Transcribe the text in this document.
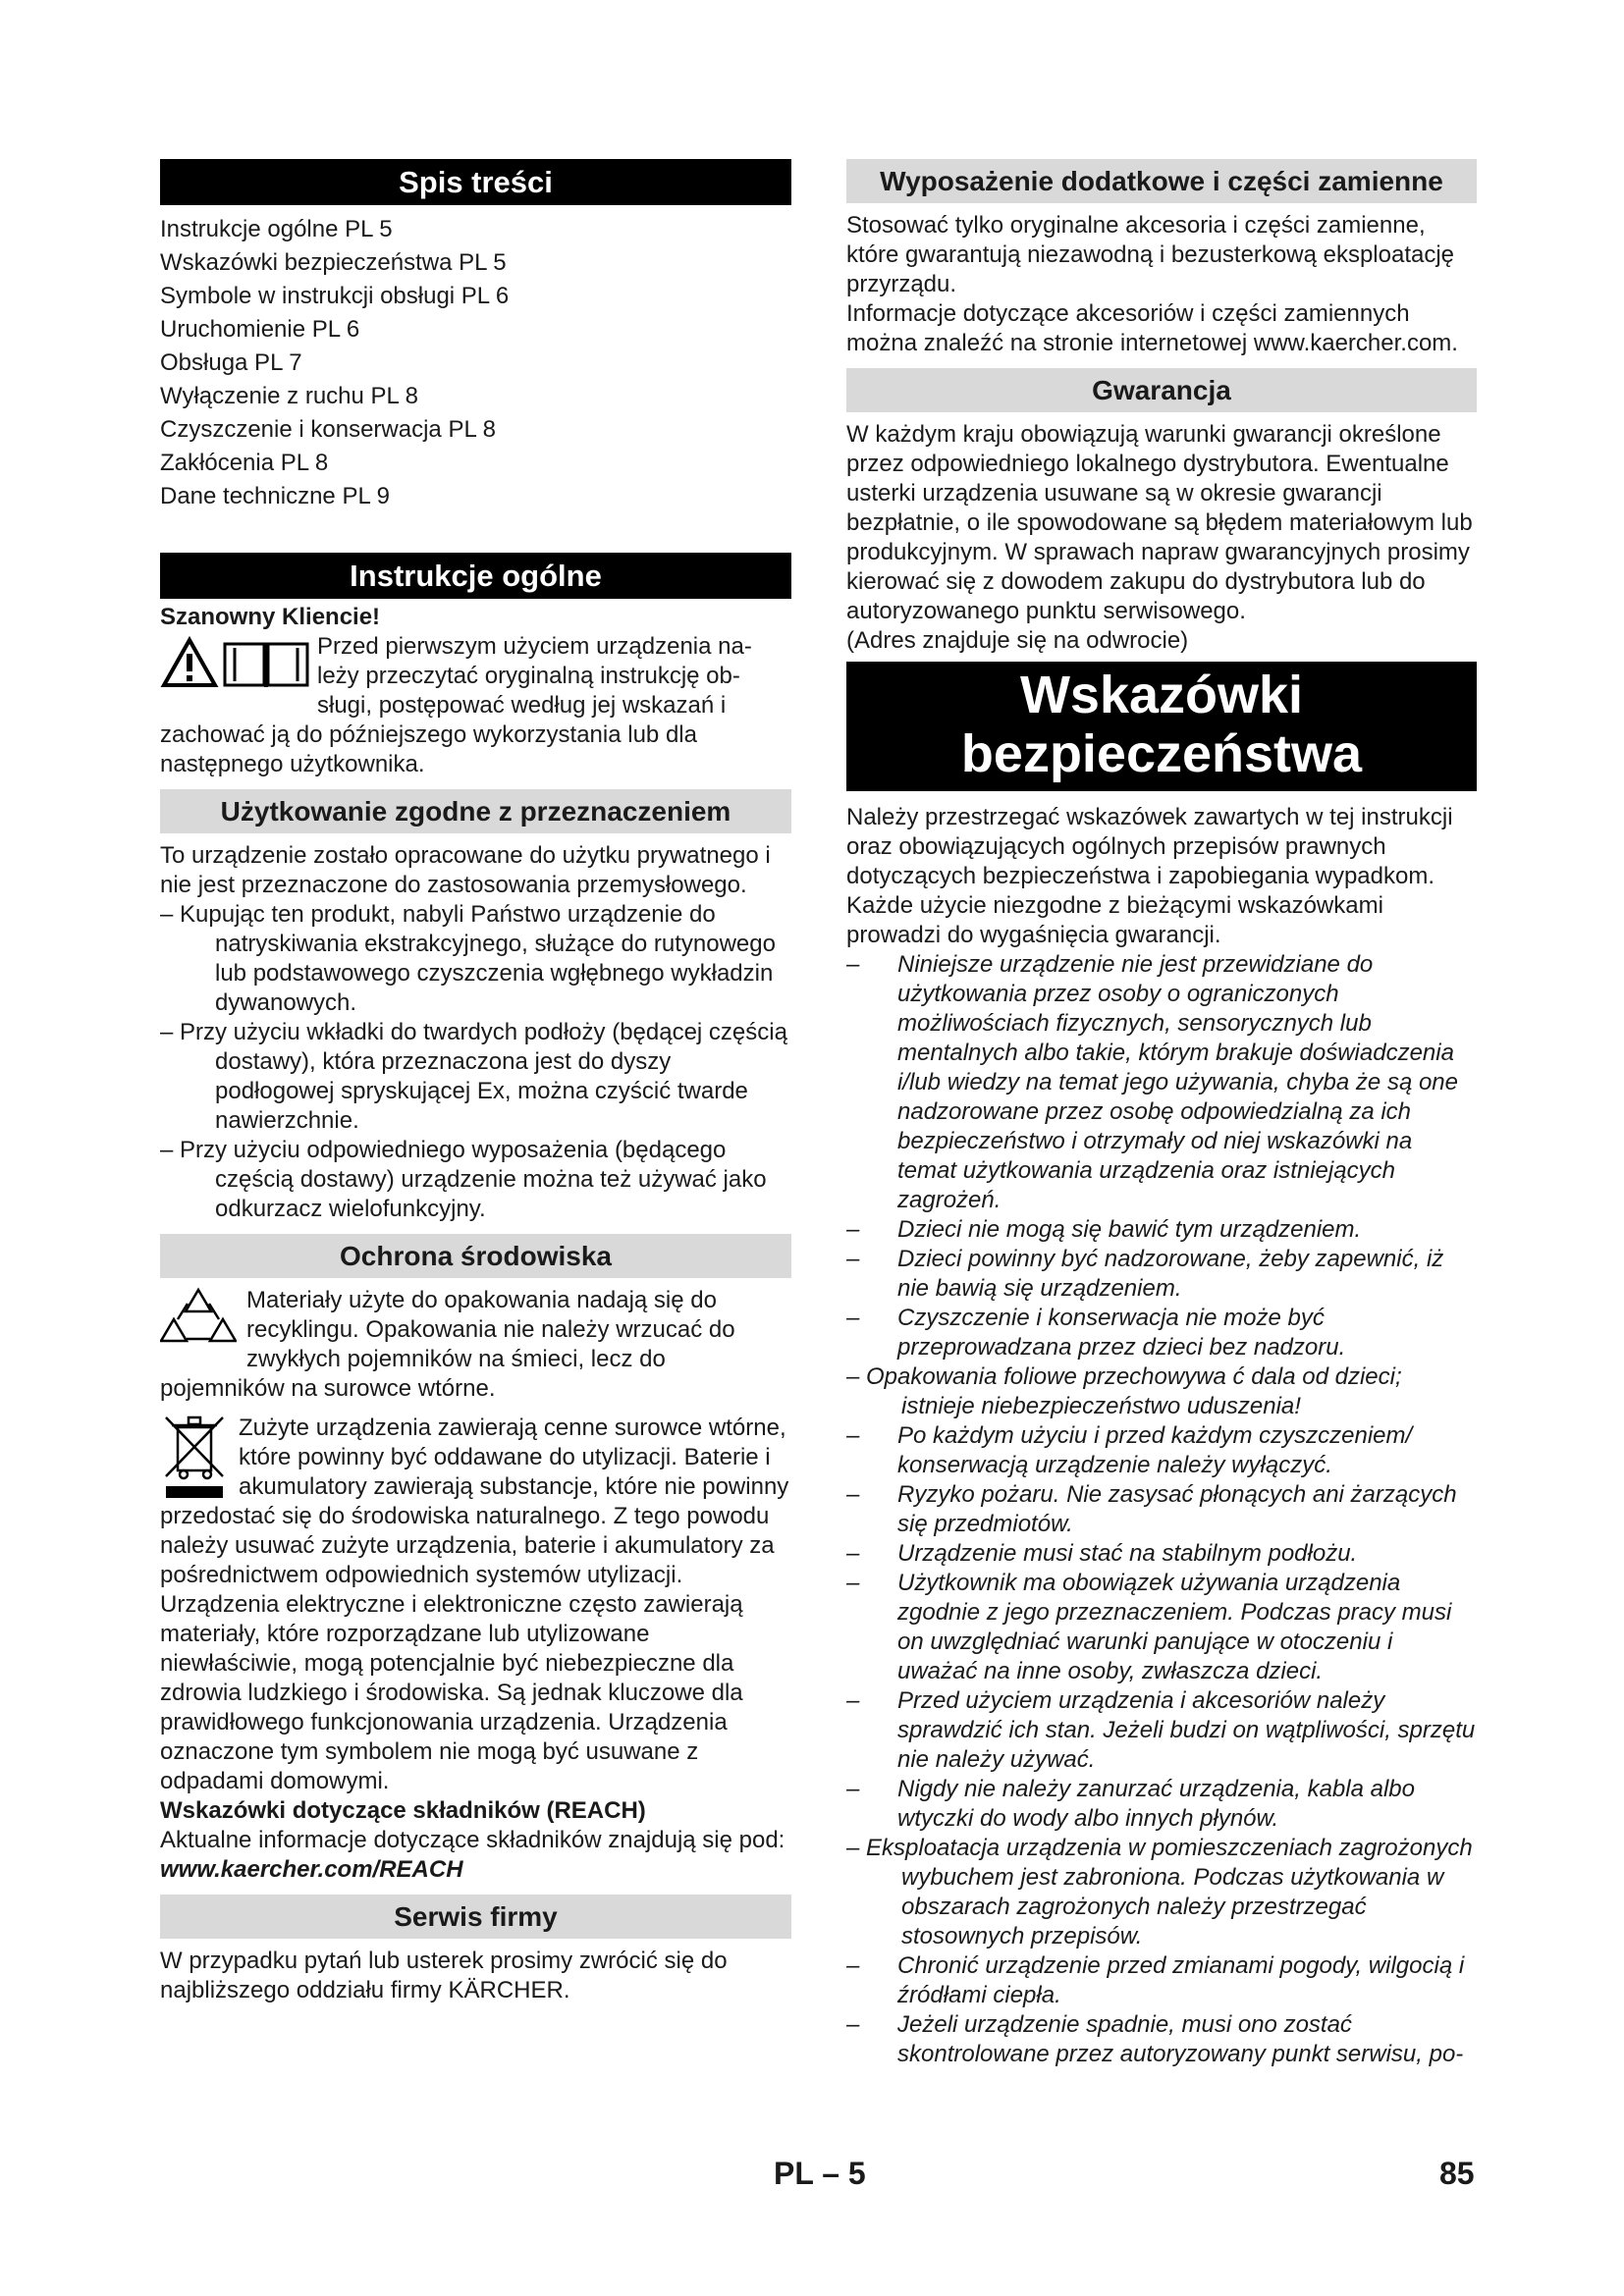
Spis treści
Instrukcje ogólne PL 5
Wskazówki bezpieczeństwa PL 5
Symbole w instrukcji obsługi PL 6
Uruchomienie PL 6
Obsługa PL 7
Wyłączenie z ruchu PL 8
Czyszczenie i konserwacja PL 8
Zakłócenia PL 8
Dane techniczne PL 9
Instrukcje ogólne

Szanowny Kliencie!

Przed pierwszym użyciem urządzenia na-
leży przeczytać oryginalną instrukcję ob-
sługi, postępować według jej wskazań i

zachować ją do późniejszego wykorzystania lub dla następnego użytkownika.

Użytkowanie zgodne z przeznaczeniem

To urządzenie zostało opracowane do użytku prywatnego i nie jest przeznaczone do zastosowania przemysłowego.

– Kupując ten produkt, nabyli Państwo urządzenie do natryskiwania ekstrakcyjnego, służące do rutynowego lub podstawowego czyszczenia wgłębnego wykładzin dywanowych.
– Przy użyciu wkładki do twardych podłoży (będącej częścią dostawy), która przeznaczona jest do dyszy podłogowej spryskującej Ex, można czyścić twarde nawierzchnie.
– Przy użyciu odpowiedniego wyposażenia (będącego częścią dostawy) urządzenie można też używać jako odkurzacz wielofunkcyjny.
Ochrona środowiska

Materiały użyte do opakowania nadają się do recyklingu. Opakowania nie należy wrzucać do zwykłych pojemników na śmieci, lecz do pojemników na surowce wtórne.

Zużyte urządzenia zawierają cenne surowce wtórne, które powinny być oddawane do utylizacji. Baterie i akumulatory zawierają substancje, które nie powinny przedostać się do środowiska naturalnego. Z tego powodu należy usuwać zużyte urządzenia, baterie i akumulatory za pośrednictwem odpowiednich systemów utylizacji.

Urządzenia elektryczne i elektroniczne często zawierają materiały, które rozporządzane lub utylizowane niewłaściwie, mogą potencjalnie być niebezpieczne dla zdrowia ludzkiego i środowiska. Są jednak kluczowe dla prawidłowego funkcjonowania urządzenia. Urządzenia oznaczone tym symbolem nie mogą być usuwane z odpadami domowymi.

Wskazówki dotyczące składników (REACH)

Aktualne informacje dotyczące składników znajdują się pod:

www.kaercher.com/REACH

Serwis firmy

W przypadku pytań lub usterek prosimy zwrócić się do najbliższego oddziału firmy KÄRCHER.

Wyposażenie dodatkowe i części zamienne

Stosować tylko oryginalne akcesoria i części zamienne, które gwarantują niezawodną i bezusterkową eksploatację przyrządu.

Informacje dotyczące akcesoriów i części zamiennych można znaleźć na stronie internetowej www.kaercher.com.

Gwarancja

W każdym kraju obowiązują warunki gwarancji określone przez odpowiedniego lokalnego dystrybutora. Ewentualne usterki urządzenia usuwane są w okresie gwarancji bezpłatnie, o ile spowodowane są błędem materiałowym lub produkcyjnym. W sprawach napraw gwarancyjnych prosimy kierować się z dowodem zakupu do dystrybutora lub do autoryzowanego punktu serwisowego.

(Adres znajduje się na odwrocie)

Wskazówki
bezpieczeństwa

Należy przestrzegać wskazówek zawartych w tej instrukcji oraz obowiązujących ogólnych przepisów prawnych dotyczących bezpieczeństwa i zapobiegania wypadkom.

Każde użycie niezgodne z bieżącymi wskazówkami prowadzi do wygaśnięcia gwarancji.

–	Niniejsze urządzenie nie jest przewidziane do użytkowania przez osoby o ograniczonych możliwościach fizycznych, sensorycznych lub mentalnych albo takie, którym brakuje doświadczenia i/lub wiedzy na temat jego używania, chyba że są one nadzorowane przez osobę odpowiedzialną za ich bezpieczeństwo i otrzymały od niej wskazówki na temat użytkowania urządzenia oraz istniejących zagrożeń.
–	Dzieci nie mogą się bawić tym urządzeniem.
–	Dzieci powinny być nadzorowane, żeby zapewnić, iż nie bawią się urządzeniem.
–	Czyszczenie i konserwacja nie może być przeprowadzana przez dzieci bez nadzoru.
– Opakowania foliowe przechowywa ć dala od dzieci; istnieje niebezpieczeństwo uduszenia!
–	Po każdym użyciu i przed każdym czyszczeniem/ konserwacją urządzenie należy wyłączyć.
–	Ryzyko pożaru. Nie zasysać płonących ani żarzących się przedmiotów.
–	Urządzenie musi stać na stabilnym podłożu.
–	Użytkownik ma obowiązek używania urządzenia zgodnie z jego przeznaczeniem. Podczas pracy musi on uwzględniać warunki panujące w otoczeniu i uważać na inne osoby, zwłaszcza dzieci.
–	Przed użyciem urządzenia i akcesoriów należy sprawdzić ich stan. Jeżeli budzi on wątpliwości, sprzętu nie należy używać.
–	Nigdy nie należy zanurzać urządzenia, kabla albo wtyczki do wody albo innych płynów.
– Eksploatacja urządzenia w pomieszczeniach zagrożonych wybuchem jest zabroniona. Podczas użytkowania w obszarach zagrożonych należy przestrzegać stosownych przepisów.
–	Chronić urządzenie przed zmianami pogody, wilgocią i źródłami ciepła.
–	Jeżeli urządzenie spadnie, musi ono zostać skontrolowane przez autoryzowany punkt serwisu, po-
PL – 5	85
